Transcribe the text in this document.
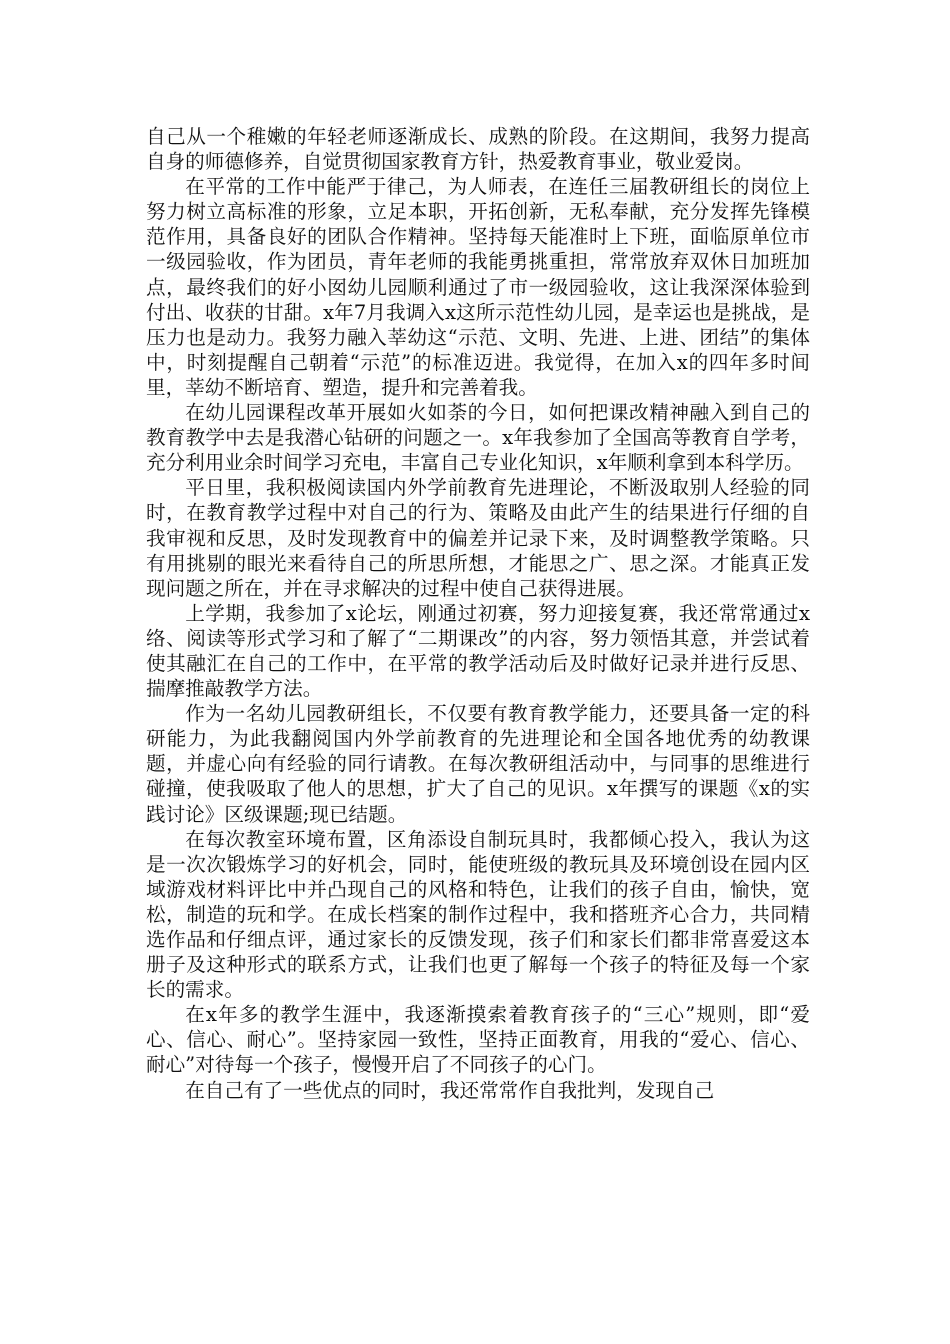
自己从一个稚嫩的年轻老师逐渐成长、成熟的阶段。在这期间，我努力提高自身的师德修养，自觉贯彻国家教育方针，热爱教育事业，敬业爱岗。

在平常的工作中能严于律己，为人师表，在连任三届教研组长的岗位上努力树立高标准的形象，立足本职，开拓创新，无私奉献，充分发挥先锋模范作用，具备良好的团队合作精神。坚持每天能准时上下班，面临原单位市一级园验收，作为团员，青年老师的我能勇挑重担，常常放弃双休日加班加点，最终我们的好小囡幼儿园顺利通过了市一级园验收，这让我深深体验到付出、收获的甘甜。x年7月我调入x这所示范性幼儿园，是幸运也是挑战，是压力也是动力。我努力融入莘幼这“示范、文明、先进、上进、团结”的集体中，时刻提醒自己朝着“示范”的标准迈进。我觉得，在加入x的四年多时间里，莘幼不断培育、塑造，提升和完善着我。

在幼儿园课程改革开展如火如荼的今日，如何把课改精神融入到自己的教育教学中去是我潜心钻研的问题之一。x年我参加了全国高等教育自学考，充分利用业余时间学习充电，丰富自己专业化知识，x年顺利拿到本科学历。

平日里，我积极阅读国内外学前教育先进理论，不断汲取别人经验的同时，在教育教学过程中对自己的行为、策略及由此产生的结果进行仔细的自我审视和反思，及时发现教育中的偏差并记录下来，及时调整教学策略。只有用挑剔的眼光来看待自己的所思所想，才能思之广、思之深。才能真正发现问题之所在，并在寻求解决的过程中使自己获得进展。

上学期，我参加了x论坛，刚通过初赛，努力迎接复赛，我还常常通过x络、阅读等形式学习和了解了“二期课改”的内容，努力领悟其意，并尝试着使其融汇在自己的工作中，在平常的教学活动后及时做好记录并进行反思、揣摩推敲教学方法。

作为一名幼儿园教研组长，不仅要有教育教学能力，还要具备一定的科研能力，为此我翻阅国内外学前教育的先进理论和全国各地优秀的幼教课题，并虚心向有经验的同行请教。在每次教研组活动中，与同事的思维进行碰撞，使我吸取了他人的思想，扩大了自己的见识。x年撰写的课题《x的实践讨论》区级课题;现已结题。

在每次教室环境布置，区角添设自制玩具时，我都倾心投入，我认为这是一次次锻炼学习的好机会，同时，能使班级的教玩具及环境创设在园内区域游戏材料评比中并凸现自己的风格和特色，让我们的孩子自由，愉快，宽松，制造的玩和学。在成长档案的制作过程中，我和搭班齐心合力，共同精选作品和仔细点评，通过家长的反馈发现，孩子们和家长们都非常喜爱这本册子及这种形式的联系方式，让我们也更了解每一个孩子的特征及每一个家长的需求。

在x年多的教学生涯中，我逐渐摸索着教育孩子的“三心”规则，即“爱心、信心、耐心”。坚持家园一致性，坚持正面教育，用我的“爱心、信心、耐心”对待每一个孩子，慢慢开启了不同孩子的心门。

在自己有了一些优点的同时，我还常常作自我批判，发现自己
